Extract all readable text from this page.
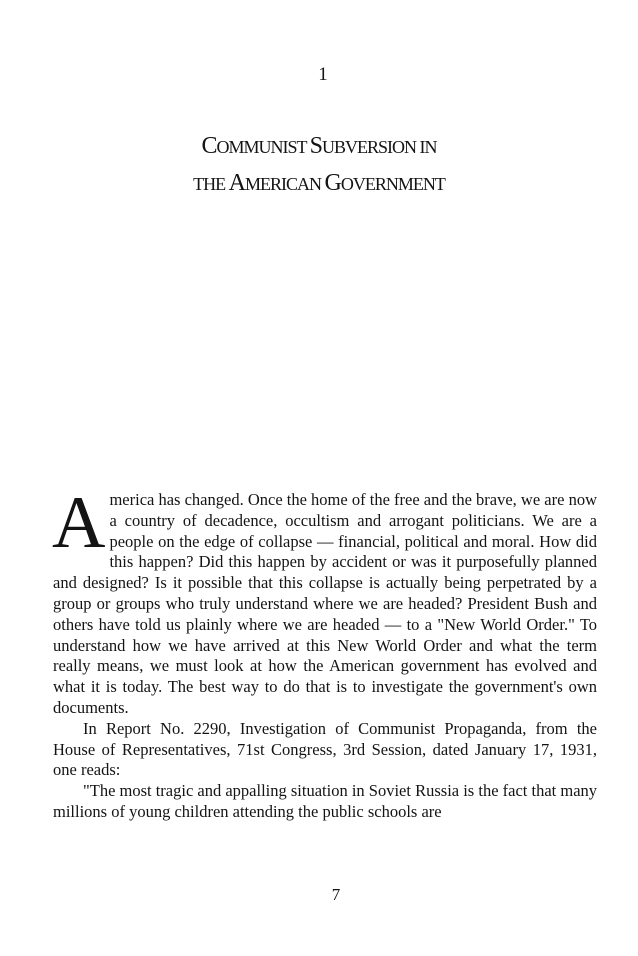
1
COMMUNIST SUBVERSION IN
THE AMERICAN GOVERNMENT

America has changed. Once the home of the free and the brave, we are now a country of decadence, occultism and arrogant politicians. We are a people on the edge of collapse — financial, political and moral. How did this happen? Did this happen by accident or was it purposefully planned and designed? Is it possible that this collapse is actually being perpetrated by a group or groups who truly understand where we are headed? President Bush and others have told us plainly where we are headed — to a "New World Order." To understand how we have arrived at this New World Order and what the term really means, we must look at how the American government has evolved and what it is today. The best way to do that is to investigate the government's own documents.

In Report No. 2290, Investigation of Communist Propaganda, from the House of Representatives, 71st Congress, 3rd Session, dated January 17, 1931, one reads:

"The most tragic and appalling situation in Soviet Russia is the fact that many millions of young children attending the public schools are

7
